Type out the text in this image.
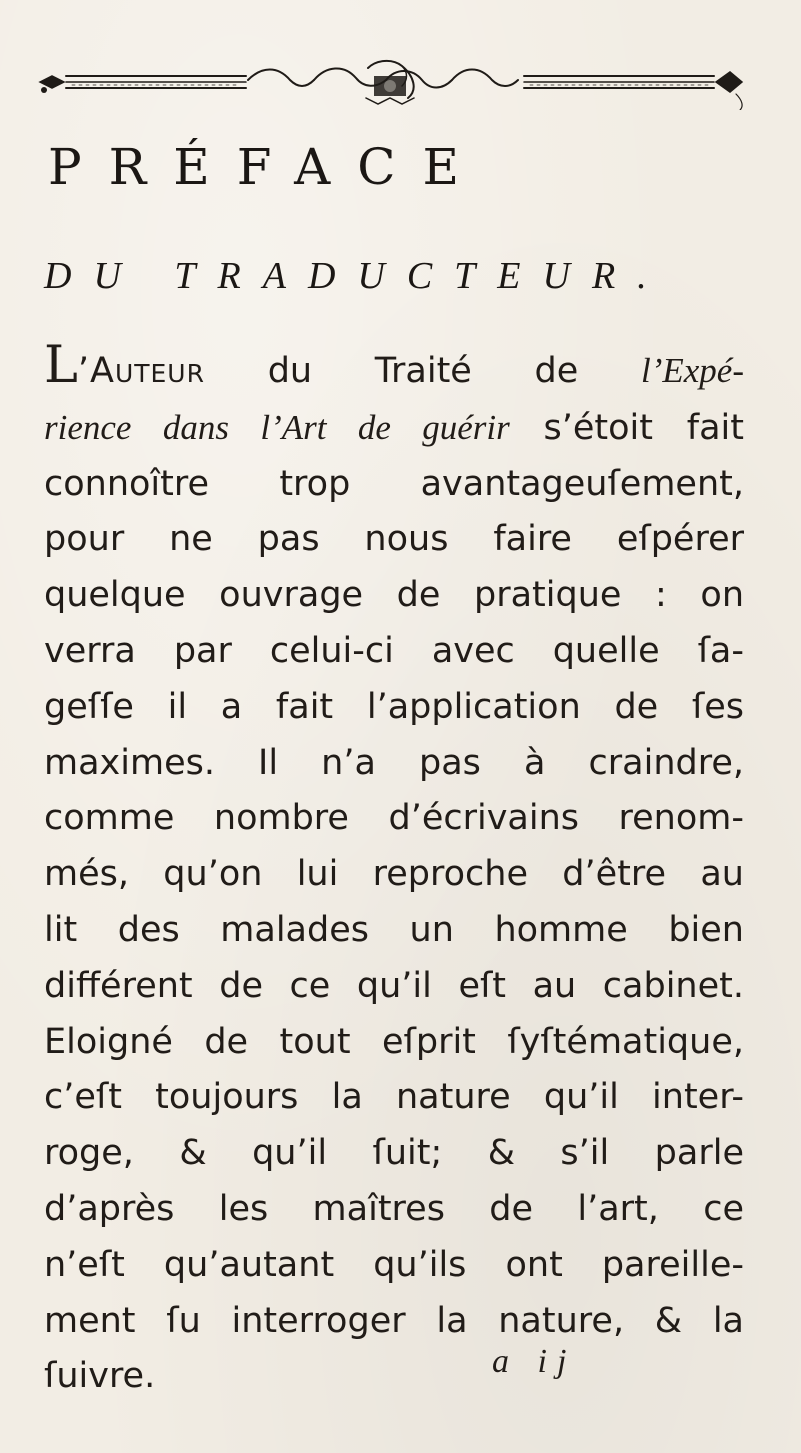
PRÉFACE
DU TRADUCTEUR.
L’Auteur du Traité de l’Expé-
rience dans l’Art de guérir s’étoit fait
connoître trop avantageuſement,
pour ne pas nous faire eſpérer
quelque ouvrage de pratique : on
verra par celui-ci avec quelle ſa-
geſſe il a fait l’application de ſes
maximes. Il n’a pas à craindre,
comme nombre d’écrivains renom-
més, qu’on lui reproche d’être au
lit des malades un homme bien
différent de ce qu’il eſt au cabinet.
Eloigné de tout eſprit ſyſtématique,
c’eſt toujours la nature qu’il inter-
roge, & qu’il ſuit; & s’il parle
d’après les maîtres de l’art, ce
n’eſt qu’autant qu’ils ont pareille-
ment ſu interroger la nature, & la
ſuivre.	a ij
